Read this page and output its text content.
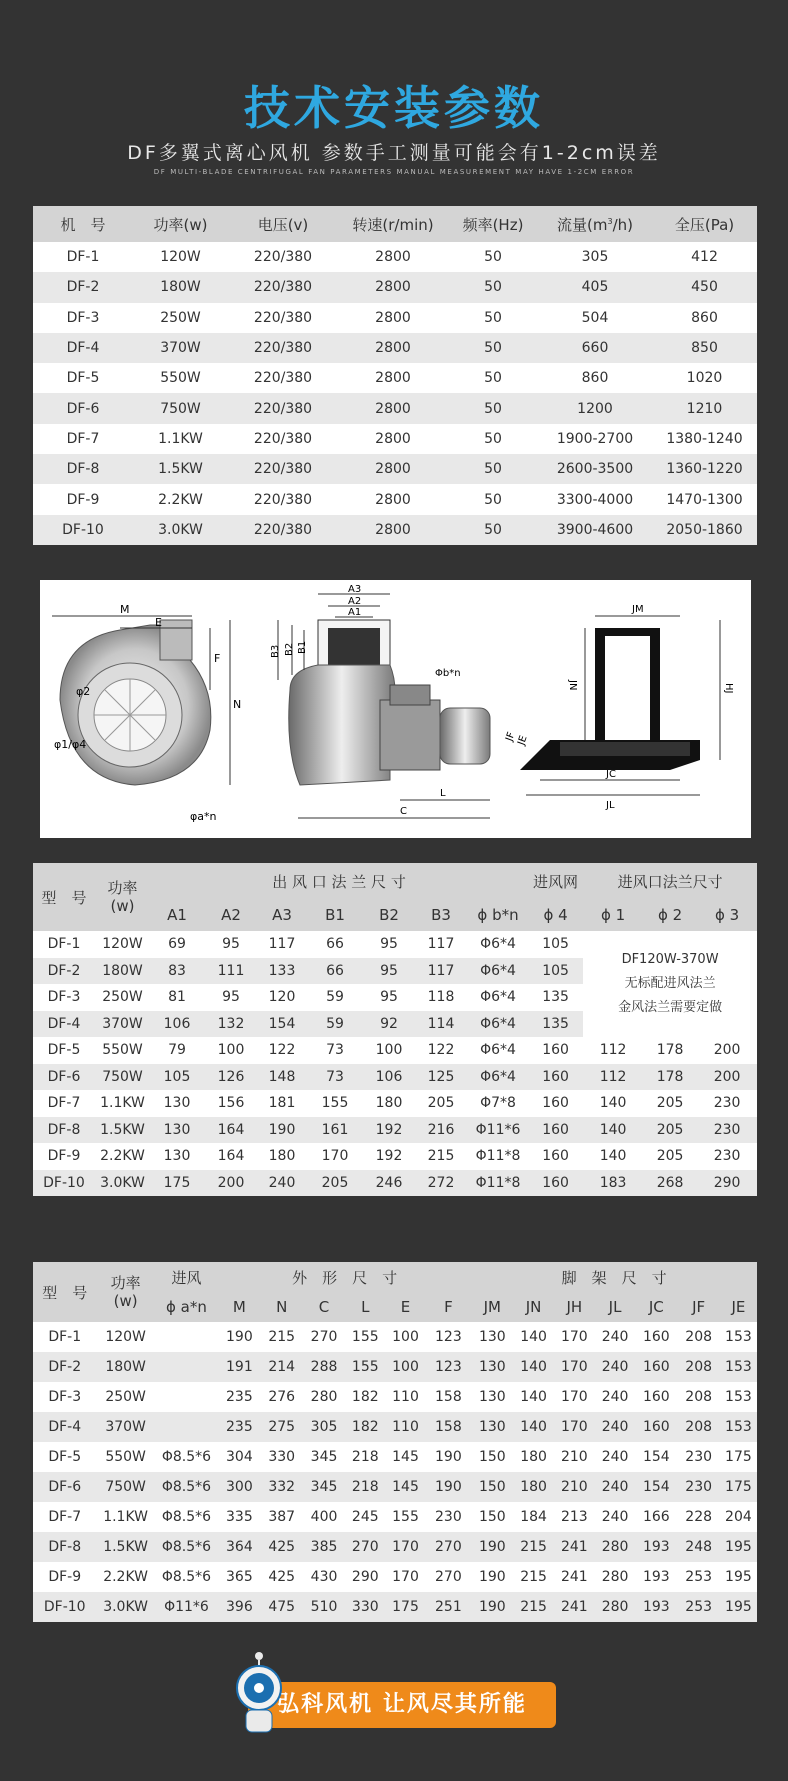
技术安装参数
DF多翼式离心风机 参数手工测量可能会有1-2cm误差
DF MULTI-BLADE CENTRIFUGAL FAN PARAMETERS MANUAL MEASUREMENT MAY HAVE 1-2CM ERROR
机　号	功率(w)	电压(v)	转速(r/min)	频率(Hz)	流量$(m^3/h)$	全压(Pa)
DF-1	120W	220/380	2800	50	305	412
DF-2	180W	220/380	2800	50	405	450
DF-3	250W	220/380	2800	50	504	860
DF-4	370W	220/380	2800	50	660	850
DF-5	550W	220/380	2800	50	860	1020
DF-6	750W	220/380	2800	50	1200	1210
DF-7	1.1KW	220/380	2800	50	1900-2700	1380-1240
DF-8	1.5KW	220/380	2800	50	2600-3500	1360-1220
DF-9	2.2KW	220/380	2800	50	3300-4000	1470-1300
DF-10	3.0KW	220/380	2800	50	3900-4600	2050-1860
M
E
F
N
φ2
φ1/φ4
φa*n
A3
A2
A1
B3 B2 B1
Φb*n
L
C
JM
JN
JF
JE
JC
JL
HJ
型　号	功率
(w)	出 风 口 法 兰 尺 寸							进风网	进风口法兰尺寸		
		A1	A2	A3	B1	B2	B3	ϕ b*n	ϕ 4	ϕ 1	ϕ 2	ϕ 3
DF-1	120W	69	95	117	66	95	117	Φ6*4	105	DF120W-370W
无标配进风法兰
金风法兰需要定做		

DF-2	180W	83	111	133	66	95	117	Φ6*4	105			
DF-3	250W	81	95	120	59	95	118	Φ6*4	135			
DF-4	370W	106	132	154	59	92	114	Φ6*4	135			
DF-5	550W	79	100	122	73	100	122	Φ6*4	160	112	178	200
DF-6	750W	105	126	148	73	106	125	Φ6*4	160	112	178	200
DF-7	1.1KW	130	156	181	155	180	205	Φ7*8	160	140	205	230
DF-8	1.5KW	130	164	190	161	192	216	Φ11*6	160	140	205	230
DF-9	2.2KW	130	164	180	170	192	215	Φ11*8	160	140	205	230
DF-10	3.0KW	175	200	240	205	246	272	Φ11*8	160	183	268	290
型　号	功率
(w)	进风	外　形　尺　寸						脚　架　尺　寸						
		ϕ a*n	M	N	C	L	E	F	JM	JN	JH	JL	JC	JF	JE
DF-1	120W		190	215	270	155	100	123	130	140	170	240	160	208	153
DF-2	180W		191	214	288	155	100	123	130	140	170	240	160	208	153
DF-3	250W		235	276	280	182	110	158	130	140	170	240	160	208	153
DF-4	370W		235	275	305	182	110	158	130	140	170	240	160	208	153
DF-5	550W	Φ8.5*6	304	330	345	218	145	190	150	180	210	240	154	230	175
DF-6	750W	Φ8.5*6	300	332	345	218	145	190	150	180	210	240	154	230	175
DF-7	1.1KW	Φ8.5*6	335	387	400	245	155	230	150	184	213	240	166	228	204
DF-8	1.5KW	Φ8.5*6	364	425	385	270	170	270	190	215	241	280	193	248	195
DF-9	2.2KW	Φ8.5*6	365	425	430	290	170	270	190	215	241	280	193	253	195
DF-10	3.0KW	Φ11*6	396	475	510	330	175	251	190	215	241	280	193	253	195
弘科风机 让风尽其所能
